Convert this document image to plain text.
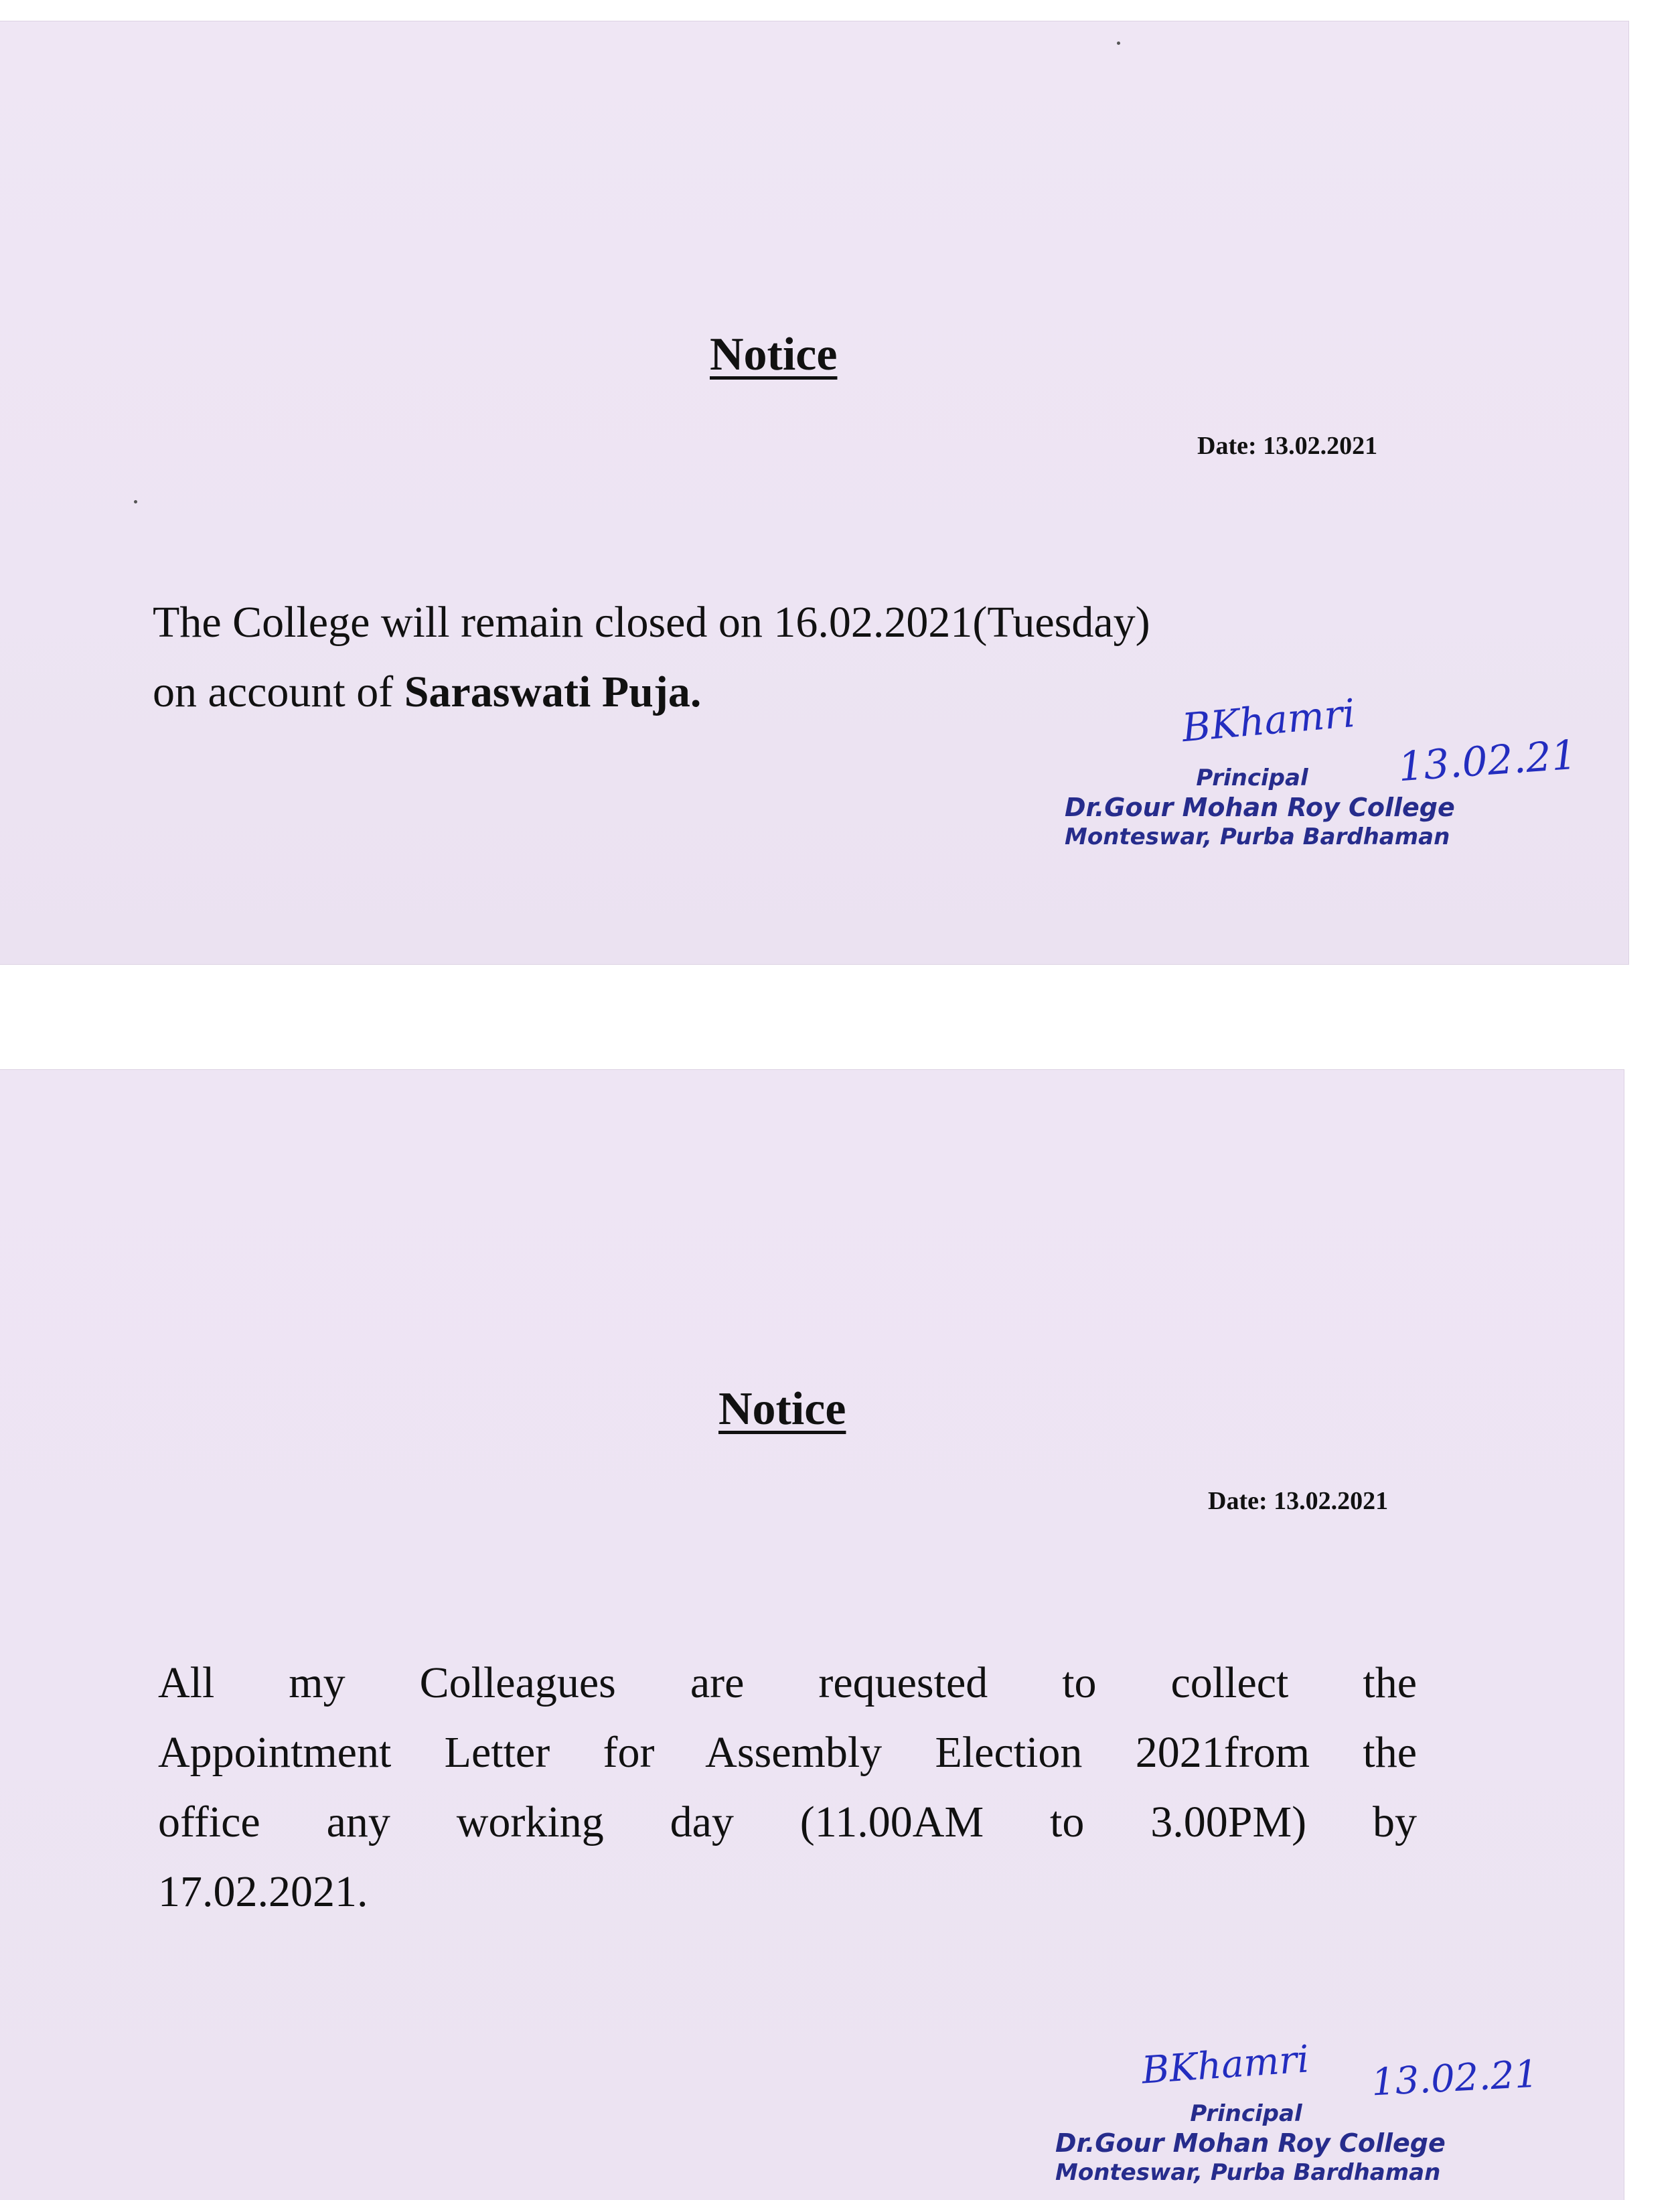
Notice
Date: 13.02.2021
The College will remain closed on 16.02.2021(Tuesday)
on account of Saraswati Puja.	BKhamri
13.02.21
Principal
Dr.Gour Mohan Roy College
Monteswar, Purba Bardhaman
Notice
Date: 13.02.2021
All my Colleagues are requested to collect the
Appointment Letter for Assembly Election 2021from the
office any working day (11.00AM to 3.00PM) by
17.02.2021.
BKhamri 13.02.21
Principal
Dr.Gour Mohan Roy College
Monteswar, Purba Bardhaman
